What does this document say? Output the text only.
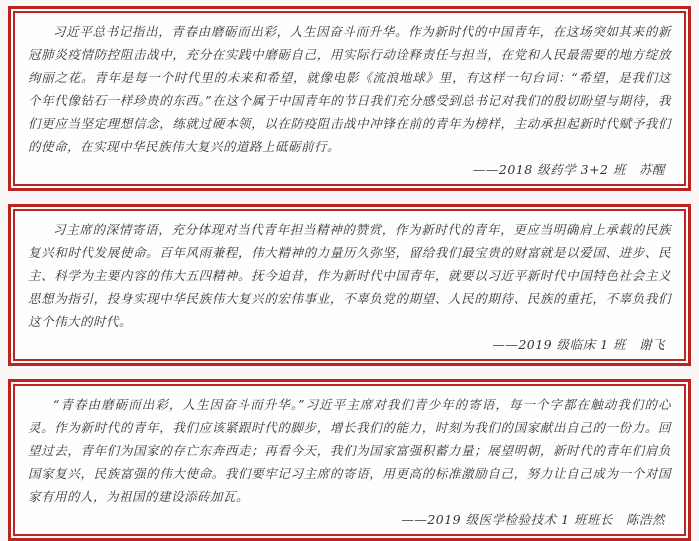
习近平总书记指出，青春由磨砺而出彩，人生因奋斗而升华。作为新时代的中国青年，在这场突如其来的新冠肺炎疫情防控阻击战中，充分在实践中磨砺自己，用实际行动诠释责任与担当，在党和人民最需要的地方绽放绚丽之花。青年是每一个时代里的未来和希望，就像电影《流浪地球》里，有这样一句台词：“希望，是我们这个年代像钻石一样珍贵的东西。”在这个属于中国青年的节日我们充分感受到总书记对我们的殷切盼望与期待，我们更应当坚定理想信念，练就过硬本领，以在防疫阻击战中冲锋在前的青年为榜样，主动承担起新时代赋予我们的使命，在实现中华民族伟大复兴的道路上砥砺前行。

——2018 级药学 3+2 班　苏醒

习主席的深情寄语，充分体现对当代青年担当精神的赞赏，作为新时代的青年，更应当明确肩上承载的民族复兴和时代发展使命。百年风雨兼程，伟大精神的力量历久弥坚，留给我们最宝贵的财富就是以爱国、进步、民主、科学为主要内容的伟大五四精神。抚今追昔，作为新时代中国青年，就要以习近平新时代中国特色社会主义思想为指引，投身实现中华民族伟大复兴的宏伟事业，不辜负党的期望、人民的期待、民族的重托，不辜负我们这个伟大的时代。

——2019 级临床 1 班　谢飞

“青春由磨砺而出彩，人生因奋斗而升华。”习近平主席对我们青少年的寄语，每一个字都在触动我们的心灵。作为新时代的青年，我们应该紧跟时代的脚步，增长我们的能力，时刻为我们的国家献出自己的一份力。回望过去，青年们为国家的存亡东奔西走；再看今天，我们为国家富强积蓄力量；展望明朝，新时代的青年们肩负国家复兴，民族富强的伟大使命。我们要牢记习主席的寄语，用更高的标准激励自己，努力让自己成为一个对国家有用的人，为祖国的建设添砖加瓦。

——2019 级医学检验技术 1 班班长　陈浩然
